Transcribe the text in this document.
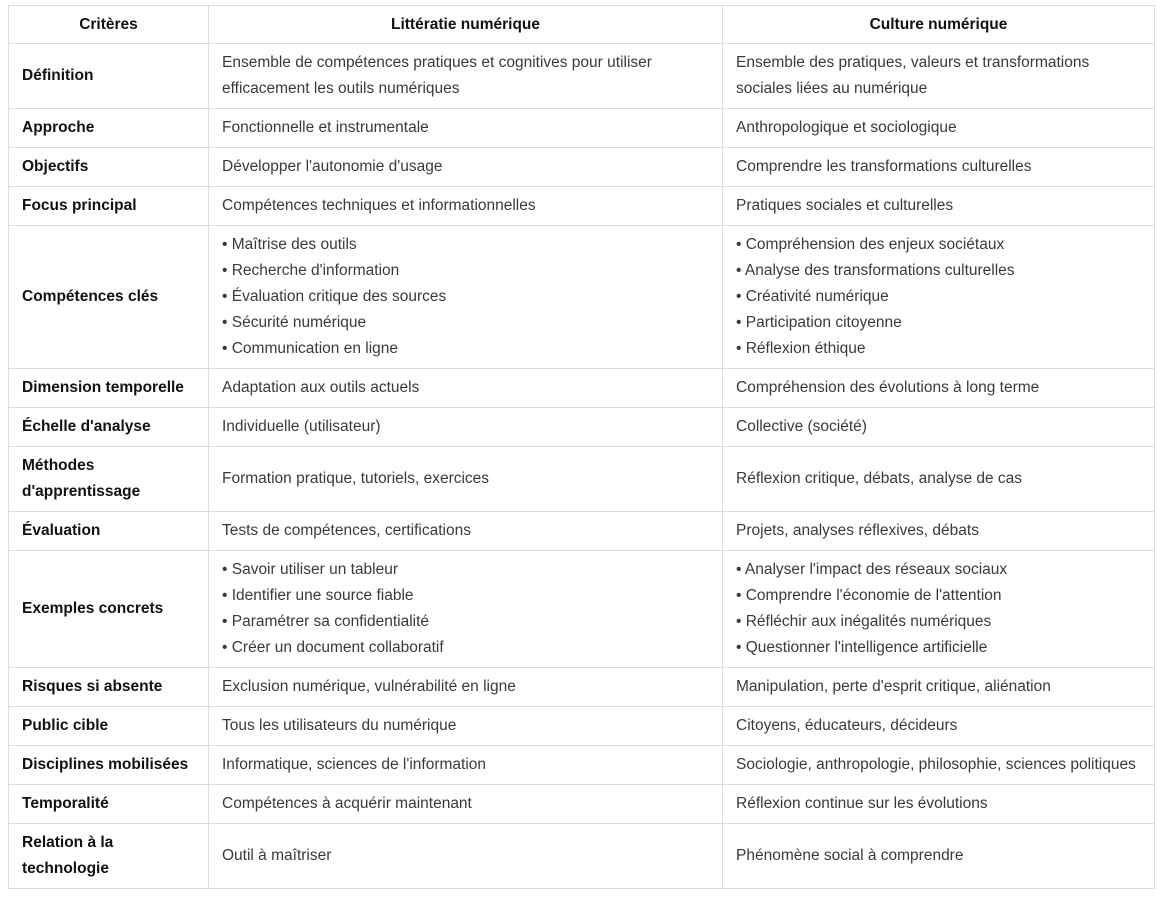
Critères	Littératie numérique	Culture numérique
Définition	Ensemble de compétences pratiques et cognitives pour utiliser efficacement les outils numériques	Ensemble des pratiques, valeurs et transformations sociales liées au numérique
Approche	Fonctionnelle et instrumentale	Anthropologique et sociologique
Objectifs	Développer l'autonomie d'usage	Comprendre les transformations culturelles
Focus principal	Compétences techniques et informationnelles	Pratiques sociales et culturelles
Compétences clés	• Maîtrise des outils
• Recherche d'information
• Évaluation critique des sources
• Sécurité numérique
• Communication en ligne	• Compréhension des enjeux sociétaux
• Analyse des transformations culturelles
• Créativité numérique
• Participation citoyenne
• Réflexion éthique

Dimension temporelle	Adaptation aux outils actuels	Compréhension des évolutions à long terme
Échelle d'analyse	Individuelle (utilisateur)	Collective (société)
Méthodes d'apprentissage	Formation pratique, tutoriels, exercices	Réflexion critique, débats, analyse de cas
Évaluation	Tests de compétences, certifications	Projets, analyses réflexives, débats
Exemples concrets	• Savoir utiliser un tableur
• Identifier une source fiable
• Paramétrer sa confidentialité
• Créer un document collaboratif	• Analyser l'impact des réseaux sociaux
• Comprendre l'économie de l'attention
• Réfléchir aux inégalités numériques
• Questionner l'intelligence artificielle

Risques si absente	Exclusion numérique, vulnérabilité en ligne	Manipulation, perte d'esprit critique, aliénation
Public cible	Tous les utilisateurs du numérique	Citoyens, éducateurs, décideurs
Disciplines mobilisées	Informatique, sciences de l'information	Sociologie, anthropologie, philosophie, sciences politiques
Temporalité	Compétences à acquérir maintenant	Réflexion continue sur les évolutions
Relation à la technologie	Outil à maîtriser	Phénomène social à comprendre
